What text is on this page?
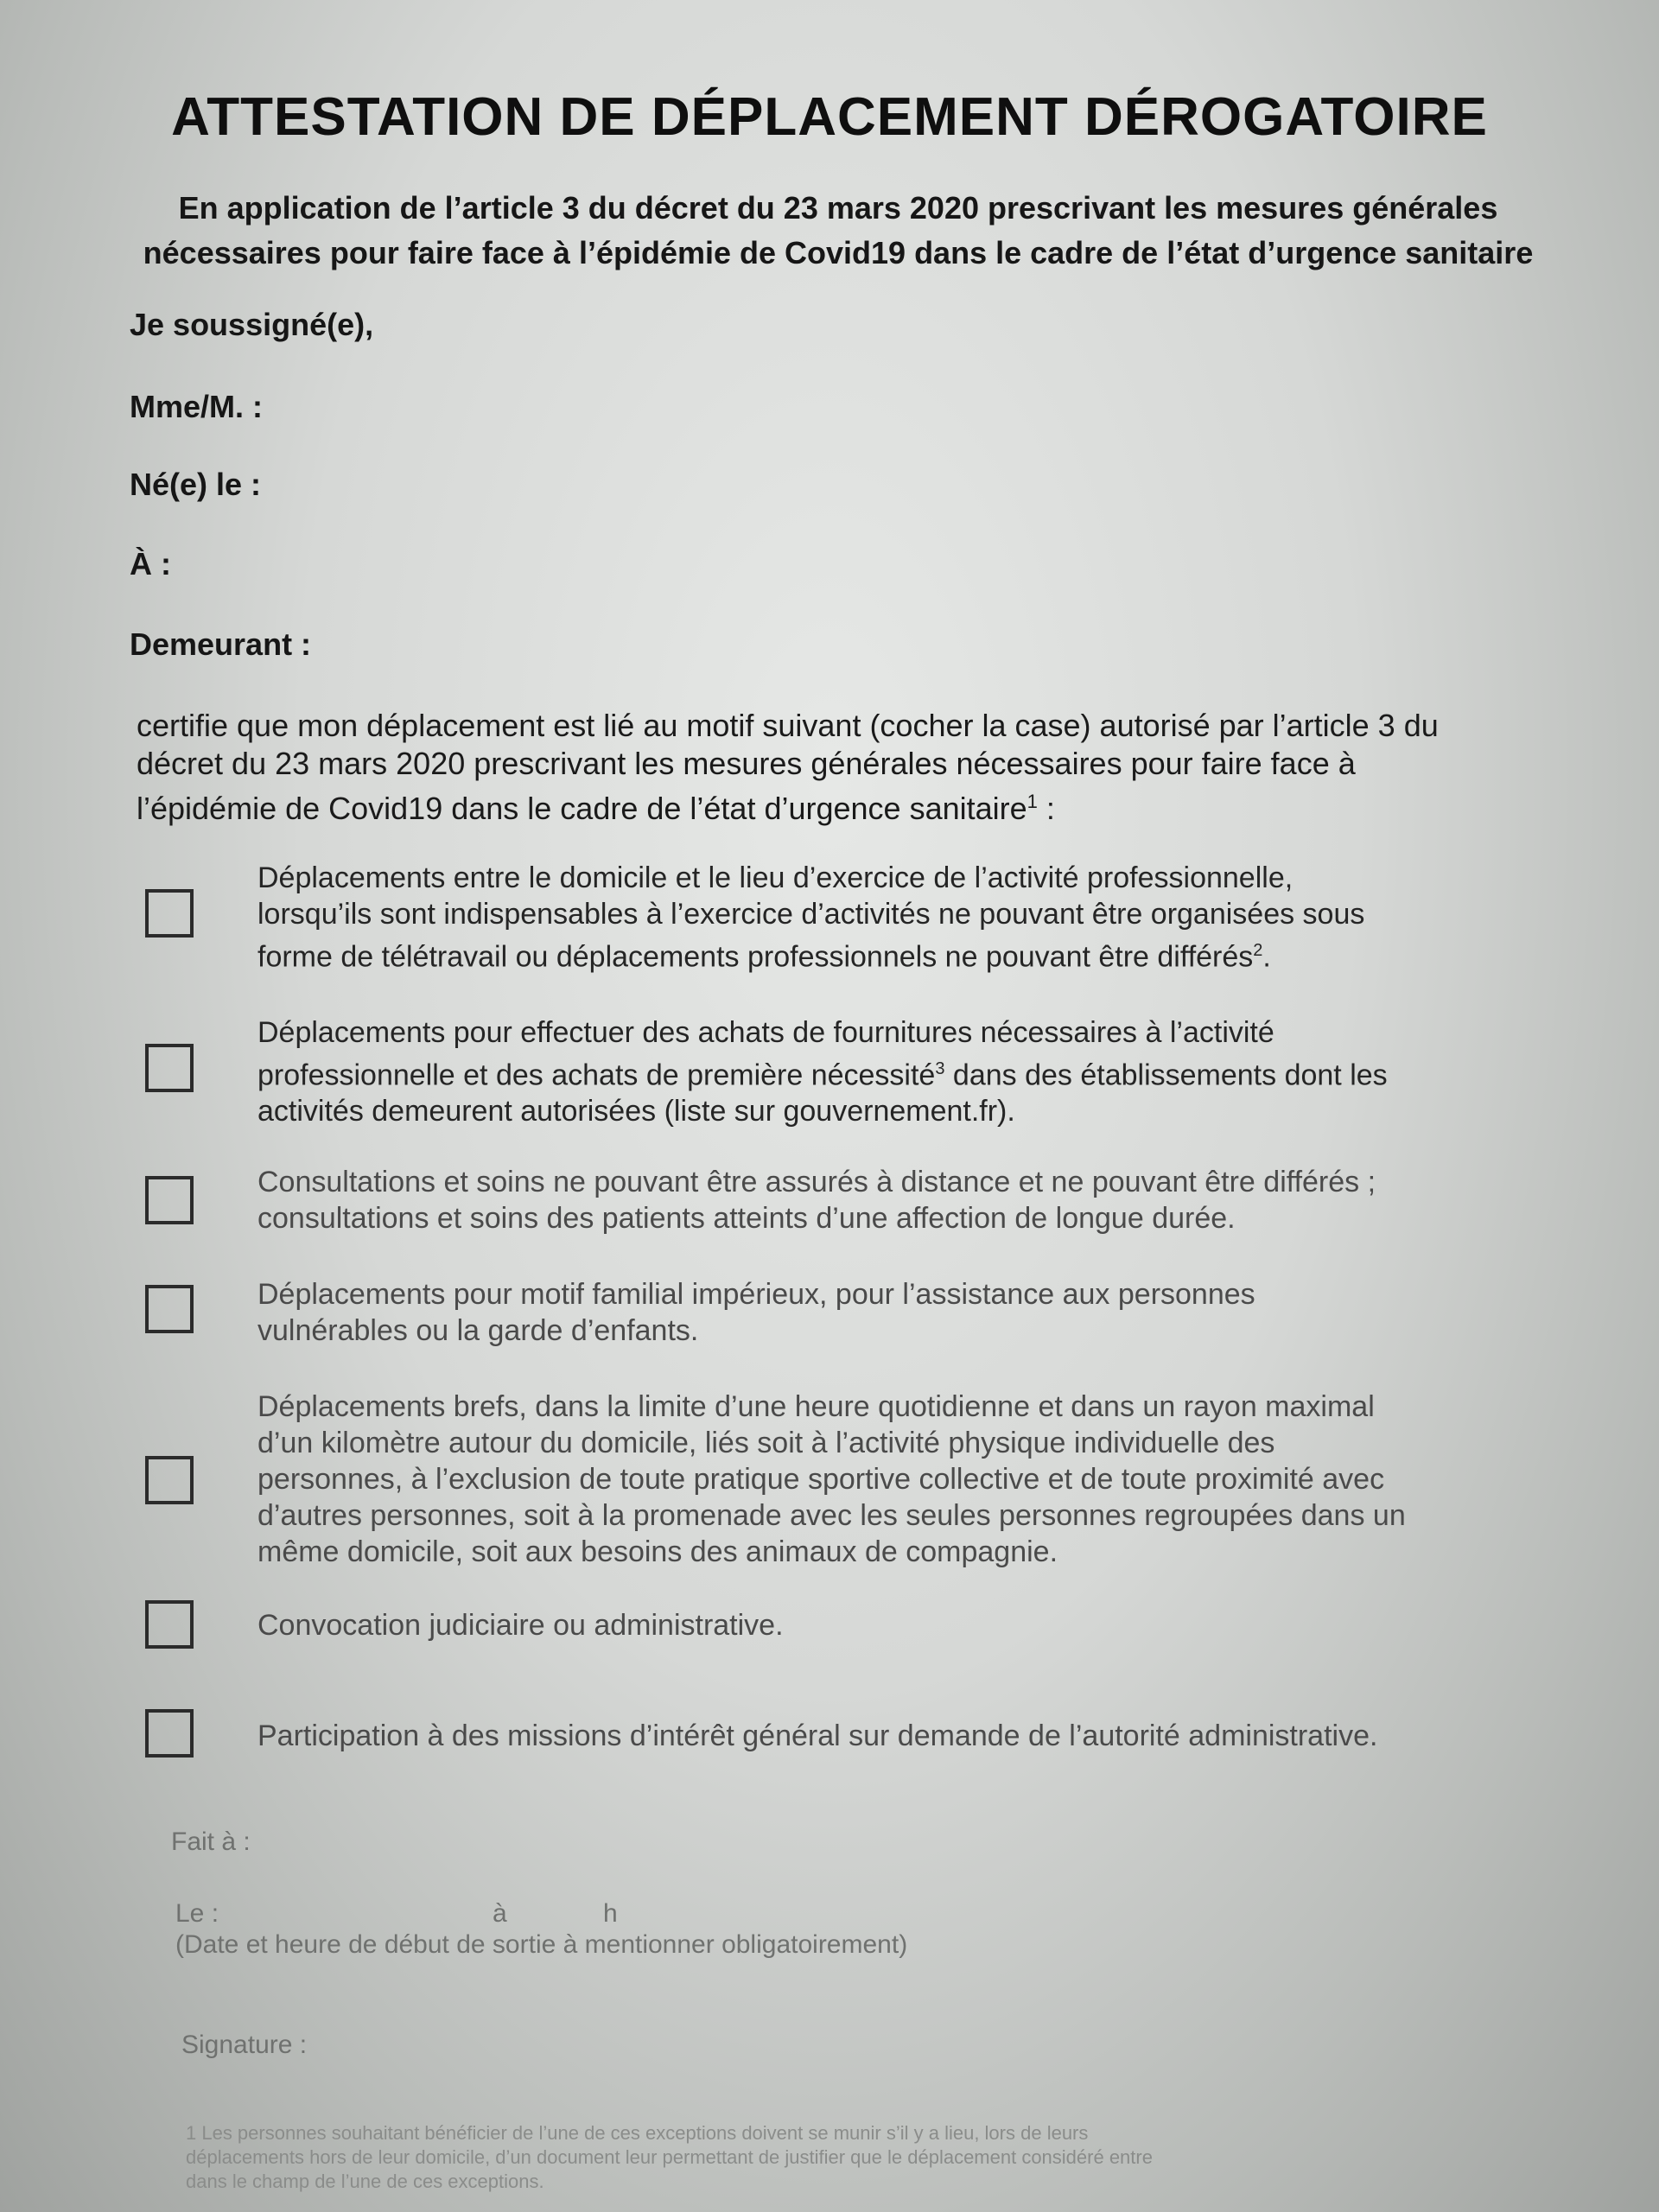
ATTESTATION DE DÉPLACEMENT DÉROGATOIRE
En application de l’article 3 du décret du 23 mars 2020 prescrivant les mesures générales
nécessaires pour faire face à l’épidémie de Covid19 dans le cadre de l’état d’urgence sanitaire
Je soussigné(e),
Mme/M. :
Né(e) le :
À :
Demeurant :
certifie que mon déplacement est lié au motif suivant (cocher la case) autorisé par l’article 3 du
décret du 23 mars 2020 prescrivant les mesures générales nécessaires pour faire face à
l’épidémie de Covid19 dans le cadre de l’état d’urgence sanitaire$^1$ :
Déplacements entre le domicile et le lieu d’exercice de l’activité professionnelle,
lorsqu’ils sont indispensables à l’exercice d’activités ne pouvant être organisées sous
forme de télétravail ou déplacements professionnels ne pouvant être différés$^2$.
Déplacements pour effectuer des achats de fournitures nécessaires à l’activité
professionnelle et des achats de première nécessité$^3$ dans des établissements dont les
activités demeurent autorisées (liste sur gouvernement.fr).
Consultations et soins ne pouvant être assurés à distance et ne pouvant être différés ;
consultations et soins des patients atteints d’une affection de longue durée.
Déplacements pour motif familial impérieux, pour l’assistance aux personnes
vulnérables ou la garde d’enfants.
Déplacements brefs, dans la limite d’une heure quotidienne et dans un rayon maximal
d’un kilomètre autour du domicile, liés soit à l’activité physique individuelle des
personnes, à l’exclusion de toute pratique sportive collective et de toute proximité avec
d’autres personnes, soit à la promenade avec les seules personnes regroupées dans un
même domicile, soit aux besoins des animaux de compagnie.
Convocation judiciaire ou administrative.
Participation à des missions d’intérêt général sur demande de l’autorité administrative.
Fait à :
Le :	à	h
(Date et heure de début de sortie à mentionner obligatoirement)
Signature :
1 Les personnes souhaitant bénéficier de l’une de ces exceptions doivent se munir s’il y a lieu, lors de leurs
déplacements hors de leur domicile, d’un document leur permettant de justifier que le déplacement considéré entre
dans le champ de l’une de ces exceptions.
